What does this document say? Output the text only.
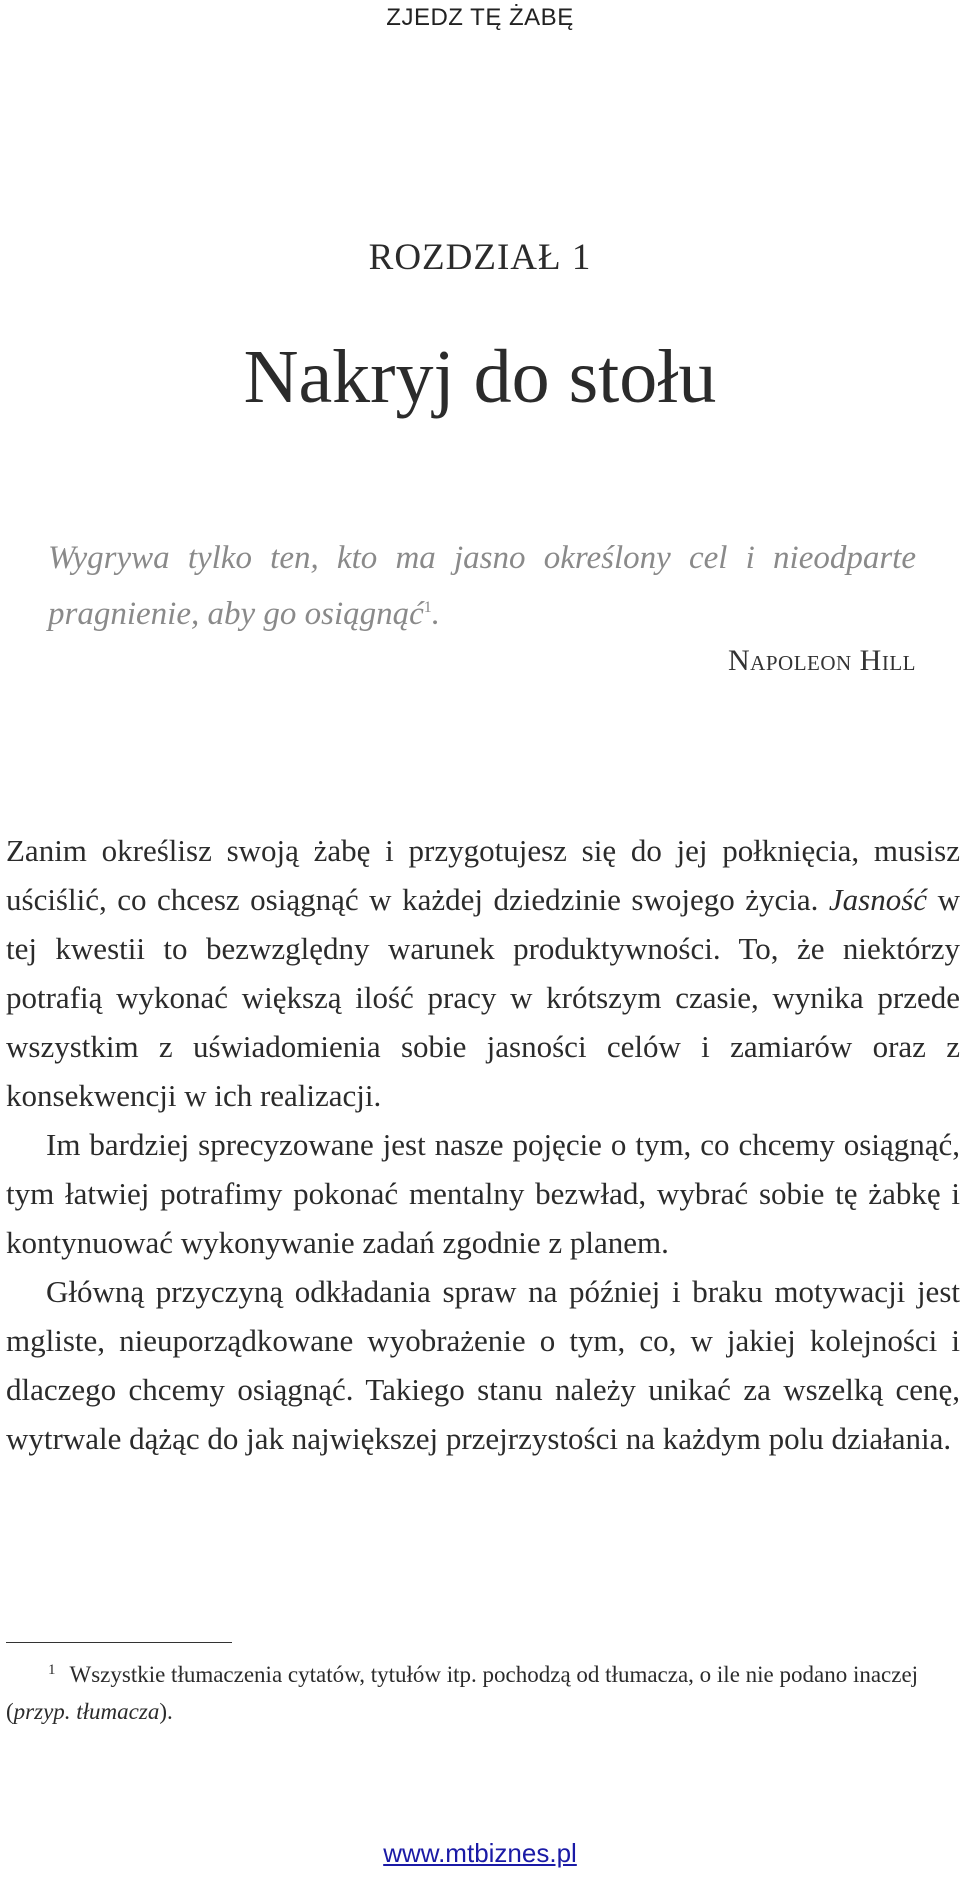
ZJEDZ TĘ ŻABĘ
ROZDZIAŁ 1
Nakryj do stołu
Wygrywa tylko ten, kto ma jasno określony cel i nieodparte pragnienie, aby go osiągnąć$^1$.
Napoleon Hill

Zanim określisz swoją żabę i przygotujesz się do jej połknięcia, musisz uściślić, co chcesz osiągnąć w każdej dziedzinie swojego życia. Jasność w tej kwestii to bezwzględny warunek produktywności. To, że niektórzy potrafią wykonać większą ilość pracy w krótszym czasie, wynika przede wszystkim z uświadomienia sobie jasności celów i zamiarów oraz z konsekwencji w ich realizacji.

Im bardziej sprecyzowane jest nasze pojęcie o tym, co chcemy osiągnąć, tym łatwiej potrafimy pokonać mentalny bezwład, wybrać sobie tę żabkę i kontynuować wykonywanie zadań zgodnie z planem.

Główną przyczyną odkładania spraw na później i braku motywacji jest mgliste, nieuporządkowane wyobrażenie o tym, co, w jakiej kolejności i dlaczego chcemy osiągnąć. Takiego stanu należy unikać za wszelką cenę, wytrwale dążąc do jak największej przejrzystości na każdym polu działania.

$^1$ Wszystkie tłumaczenia cytatów, tytułów itp. pochodzą od tłumacza, o ile nie podano inaczej (przyp. tłumacza).
www.mtbiznes.pl
